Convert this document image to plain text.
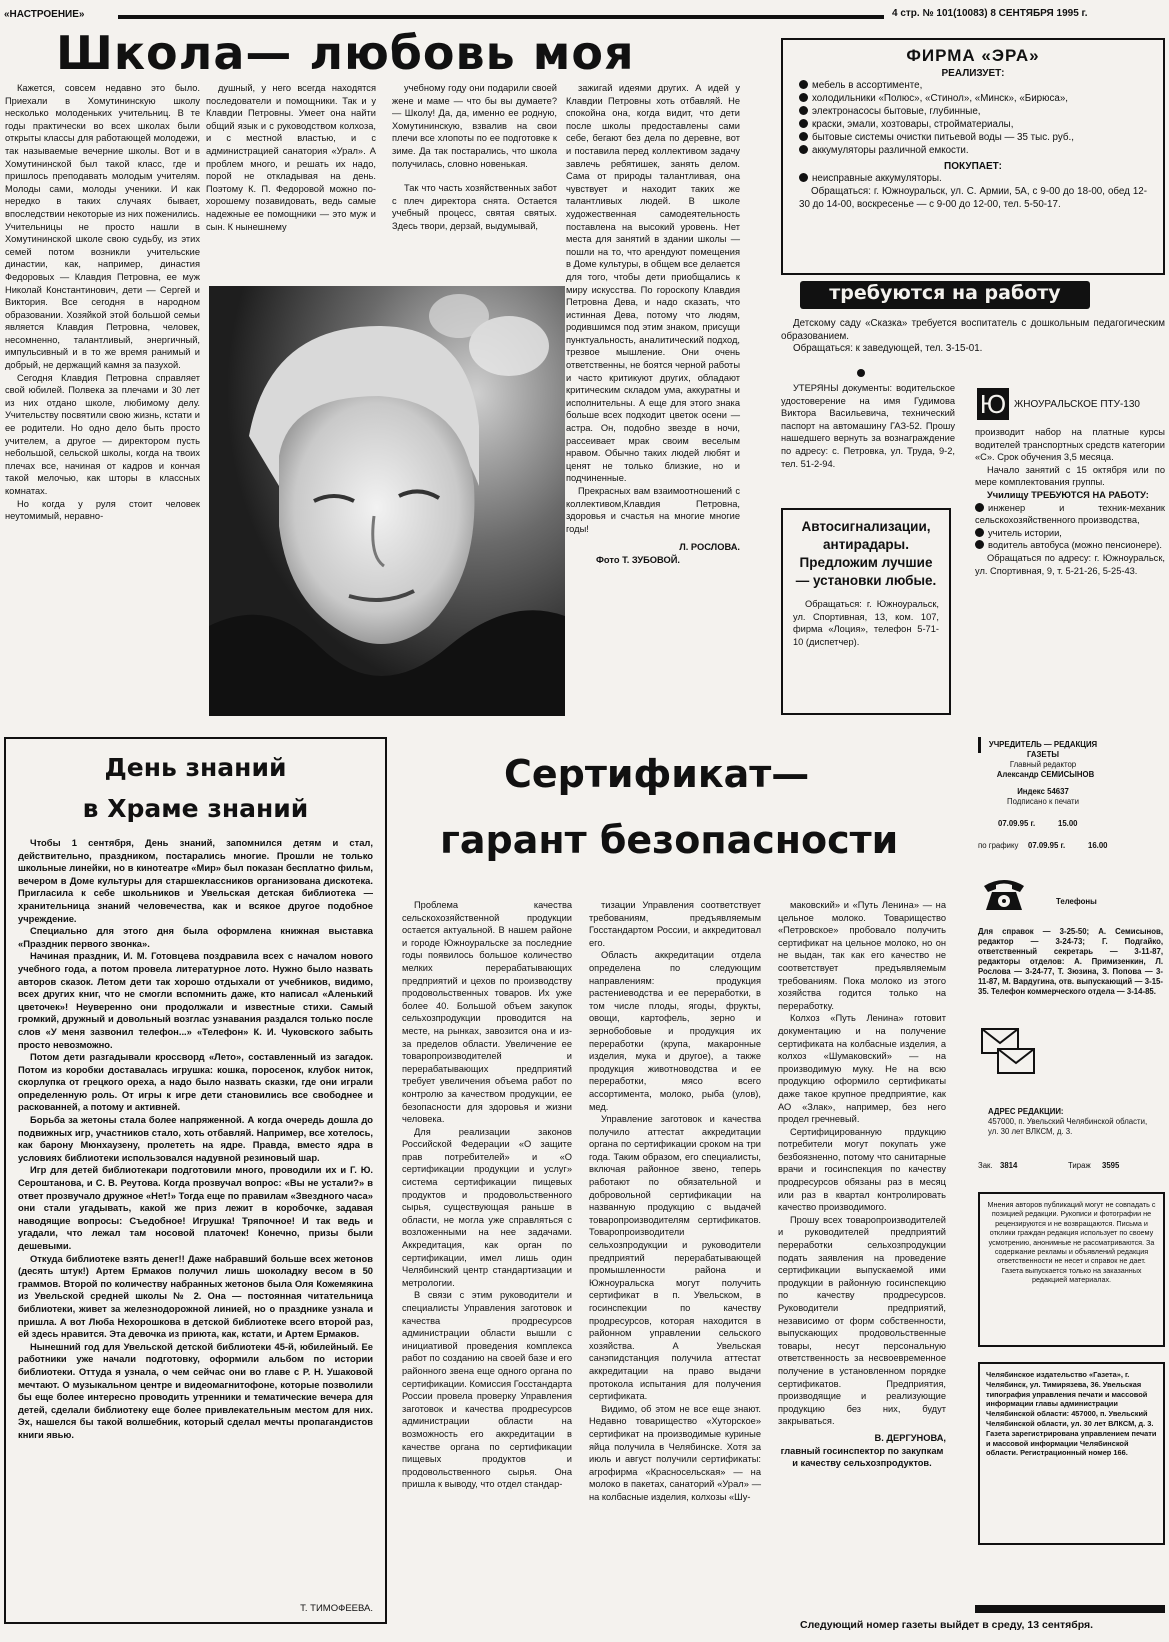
«НАСТРОЕНИЕ»	4 стр. № 101(10083) 8 СЕНТЯБРЯ 1995 г.
Школа— любовь моя

Кажется, совсем недавно это было. Приехали в Хомутининскую школу несколько молоденьких учительниц. В те годы практически во всех школах были открыты классы для работающей молодежи, так называемые вечерние школы. Вот и в Хомутининской был такой класс, где и пришлось преподавать молодым учителям. Молоды сами, молоды ученики. И как нередко в таких случаях бывает, впоследствии некоторые из них поженились. Учительницы не просто нашли в Хомутининской школе свою судьбу, из этих семей потом возникли учительские династии, как, например, династия Федоровых — Клавдия Петровна, ее муж Николай Константинович, дети — Сергей и Виктория. Все сегодня в народном образовании. Хозяйкой этой большой семьи является Клавдия Петровна, человек, несомненно, талантливый, энергичный, импульсивный и в то же время ранимый и добрый, не держащий камня за пазухой.

Сегодня Клавдия Петровна справляет свой юбилей. Полвека за плечами и 30 лет из них отдано школе, любимому делу. Учительству посвятили свою жизнь, кстати и ее родители. Но одно дело быть просто учителем, а другое — директором пусть небольшой, сельской школы, когда на твоих плечах все, начиная от кадров и кончая такой мелочью, как шторы в классных комнатах.

Но когда у руля стоит человек неутомимый, неравно-

душный, у него всегда находятся последователи и помощники. Так и у Клавдии Петровны. Умеет она найти общий язык и с руководством колхоза, и с местной властью, и с администрацией санатория «Урал». А проблем много, и решать их надо, порой не откладывая на день. Поэтому К. П. Федоровой можно по-хорошему позавидовать, ведь самые надежные ее помощники — это муж и сын. К нынешнему

учебному году они подарили своей жене и маме — что бы вы думаете? — Школу! Да, да, именно ее родную, Хомутининскую, взвалив на свои плечи все хлопоты по ее подготовке к зиме. Да так постарались, что школа получилась, словно новенькая.

Так что часть хозяйственных забот с плеч директора снята. Остается учебный процесс, святая святых. Здесь твори, дерзай, выдумывай,

зажигай идеями других. А идей у Клавдии Петровны хоть отбавляй. Не спокойна она, когда видит, что дети после школы предоставлены сами себе, бегают без дела по деревне, вот и поставила перед коллективом задачу завлечь ребятишек, занять делом. Сама от природы талантливая, она чувствует и находит таких же талантливых людей. В школе художественная самодеятельность поставлена на высокий уровень. Нет места для занятий в здании школы — пошли на то, что арендуют помещения в Доме культуры, в общем все делается для того, чтобы дети приобщались к миру искусства. По гороскопу Клавдия Петровна Дева, и надо сказать, что истинная Дева, потому что людям, родившимся под этим знаком, присущи пунктуальность, аналитический подход, трезвое мышление. Они очень ответственны, не боятся черной работы и часто критикуют других, обладают критическим складом ума, аккуратны и исполнительны. А еще для этого знака больше всех подходит цветок осени — астра. Он, подобно звезде в ночи, рассеивает мрак своим веселым нравом. Обычно таких людей любят и ценят не только близкие, но и подчиненные.

Прекрасных вам взаимоотношений с коллективом,Клавдия Петровна, здоровья и счастья на многие многие годы!

Л. РОСЛОВА.
Фото Т. ЗУБОВОЙ.
ФИРМА «ЭРА»
РЕАЛИЗУЕТ:
мебель в ассортименте,
холодильники «Полюс», «Стинол», «Минск», «Бирюса»,
электронасосы бытовые, глубинные,
краски, эмали, хозтовары, стройматериалы,
бытовые системы очистки питьевой воды — 35 тыс. руб.,
аккумуляторы различной емкости.
ПОКУПАЕТ:
неисправные аккумуляторы.

Обращаться: г. Южноуральск, ул. С. Армии, 5А, с 9-00 до 18-00, обед 12-30 до 14-00, воскресенье — с 9-00 до 12-00, тел. 5-50-17.

требуются на работу

Детскому саду «Сказка» требуется воспитатель с дошкольным педагогическим образованием.

Обращаться: к заведующей, тел. 3-15-01.

УТЕРЯНЫ документы: водительское удостоверение на имя Гудимова Виктора Васильевича, технический паспорт на автомашину ГАЗ-52. Прошу нашедшего вернуть за вознаграждение по адресу: с. Петровка, ул. Труда, 9-2, тел. 51-2-94.

Ю ЖНОУРАЛЬСКОЕ ПТУ-130

производит набор на платные курсы водителей транспортных средств категории «С». Срок обучения 3,5 месяца.

Начало занятий с 15 октября или по мере комплектования группы.

Училищу ТРЕБУЮТСЯ НА РАБОТУ:

инженер и техник-механик сельскохозяйственного производства,
учитель истории,
водитель автобуса (можно пенсионере).

Обращаться по адресу: г. Южноуральск, ул. Спортивная, 9, т. 5-21-26, 5-25-43.

Автосигнализации, антирадары. Предложим лучшие — установки любые.

Обращаться: г. Южноуральск, ул. Спортивная, 13, ком. 107, фирма «Лоция», телефон 5-71-10 (диспетчер).

День знаний
в Храме знаний

Чтобы 1 сентября, День знаний, запомнился детям и стал, действительно, праздником, постарались многие. Прошли не только школьные линейки, но в кинотеатре «Мир» был показан бесплатно фильм, вечером в Доме культуры для старшеклассников организована дискотека. Пригласила к себе школьников и Увельская детская библиотека — хранительница знаний человечества, как и всякое другое подобное учреждение.

Специально для этого дня была оформлена книжная выставка «Праздник первого звонка».

Начиная праздник, И. М. Готовцева поздравила всех с началом нового учебного года, а потом провела литературное лото. Нужно было назвать авторов сказок. Летом дети так хорошо отдыхали от учебников, видимо, всех других книг, что не смогли вспомнить даже, кто написал «Аленький цветочек»! Неуверенно они продолжали и известные стихи. Самый громкий, дружный и довольный возглас узнавания раздался только после слов «У меня зазвонил телефон...» «Телефон» К. И. Чуковского забыть просто невозможно.

Потом дети разгадывали кроссворд «Лето», составленный из загадок. Потом из коробки доставалась игрушка: кошка, поросенок, клубок ниток, скорлупка от грецкого ореха, а надо было назвать сказки, где они играли определенную роль. От игры к игре дети становились все свободнее и раскованней, а потому и активней.

Борьба за жетоны стала более напряженной. А когда очередь дошла до подвижных игр, участников стало, хоть отбавляй. Например, все хотелось, как барону Мюнхаузену, пролететь на ядре. Правда, вместо ядра в условиях библиотеки использовался надувной резиновый шар.

Игр для детей библиотекари подготовили много, проводили их и Г. Ю. Сероштанова, и С. В. Реутова. Когда прозвучал вопрос: «Вы не устали?» в ответ прозвучало дружное «Нет!» Тогда еще по правилам «Звездного часа» они стали угадывать, какой же приз лежит в коробочке, задавая наводящие вопросы: Съедобное! Игрушка! Тряпочное! И так ведь и угадали, что лежал там носовой платочек! Конечно, призы были дешевыми.

Откуда библиотеке взять денег!! Даже набравший больше всех жетонов (десять штук!) Артем Ермаков получил лишь шоколадку весом в 50 граммов. Второй по количеству набранных жетонов была Оля Кожемякина из Увельской средней школы № 2. Она — постоянная читательница библиотеки, живет за железнодорожной линией, но о празднике узнала и пришла. А вот Люба Нехорошкова в детской библиотеке всего второй раз, ей здесь нравится. Эта девочка из приюта, как, кстати, и Артем Ермаков.

Нынешний год для Увельской детской библиотеки 45-й, юбилейный. Ее работники уже начали подготовку, оформили альбом по истории библиотеки. Оттуда я узнала, о чем сейчас они во главе с Р. Н. Ушаковой мечтают. О музыкальном центре и видеомагнитофоне, которые позволили бы еще более интересно проводить утренники и тематические вечера для детей, сделали библиотеку еще более привлекательным местом для них. Эх, нашелся бы такой волшебник, который сделал мечты пропагандистов книги явью.

Т. ТИМОФЕЕВА.
Сертификат—
гарант безопасности

Проблема качества сельскохозяйственной продукции остается актуальной. В нашем районе и городе Южноуральске за последние годы появилось большое количество мелких перерабатывающих предприятий и цехов по производству продовольственных товаров. Их уже более 40. Большой объем закупок сельхозпродукции проводится на месте, на рынках, завозится она и из-за пределов области. Увеличение ее товаропроизводителей и перерабатывающих предприятий требует увеличения объема работ по контролю за качеством продукции, ее безопасности для здоровья и жизни человека.

Для реализации законов Российской Федерации «О защите прав потребителей» и «О сертификации продукции и услуг» система сертификации пищевых продуктов и продовольственного сырья, существующая раньше в области, не могла уже справляться с возложенными на нее задачами. Аккредитация, как орган по сертификации, имел лишь один Челябинский центр стандартизации и метрологии.

В связи с этим руководители и специалисты Управления заготовок и качества продресурсов администрации области вышли с инициативой проведения комплекса работ по созданию на своей базе и его районного звена еще одного органа по сертификации. Комиссия Госстандарта России провела проверку Управления заготовок и качества продресурсов администрации области на возможность его аккредитации в качестве органа по сертификации пищевых продуктов и продовольственного сырья. Она пришла к выводу, что отдел стандар-

тизации Управления соответствует требованиям, предъявляемым Госстандартом России, и аккредитовал его.

Область аккредитации отдела определена по следующим направлениям: продукция растениеводства и ее переработки, в том числе плоды, ягоды, фрукты, овощи, картофель, зерно и зернобобовые и продукция их переработки (крупа, макаронные изделия, мука и другое), а также продукция животноводства и ее переработки, мясо всего ассортимента, молоко, рыба (улов), мед.

Управление заготовок и качества получило аттестат аккредитации органа по сертификации сроком на три года. Таким образом, его специалисты, включая районное звено, теперь работают по обязательной и добровольной сертификации на названную продукцию с выдачей товаропроизводителям сертификатов. Товаропроизводители сельхозпродукции и руководители предприятий перерабатывающей промышленности района и Южноуральска могут получить сертификат в п. Увельском, в госинспекции по качеству продресурсов, которая находится в районном управлении сельского хозяйства. А Увельская санэпидстанция получила аттестат аккредитации на право выдачи протокола испытания для получения сертификата.

Видимо, об этом не все еще знают. Недавно товарищество «Хуторское» сертификат на производимые куриные яйца получила в Челябинске. Хотя за июль и август получили сертификаты: агрофирма «Красносельская» — на молоко в пакетах, санаторий «Урал» — на колбасные изделия, колхозы «Шу-

маковский» и «Путь Ленина» — на цельное молоко. Товарищество «Петровское» пробовало получить сертификат на цельное молоко, но он не выдан, так как его качество не соответствует предъявляемым требованиям. Пока молоко из этого хозяйства годится только на переработку.

Колхоз «Путь Ленина» готовит документацию и на получение сертификата на колбасные изделия, а колхоз «Шумаковский» — на производимую муку. Не на всю продукцию оформило сертификаты даже такое крупное предприятие, как АО «Злак», например, без него продел гречневый.

Сертифицированную прдукцию потребители могут покупать уже безбоязненно, потому что санитарные врачи и госинспекция по качеству продресурсов обязаны раз в месяц или раз в квартал контролировать качество производимого.

Прошу всех товаропроизводителей и руководителей предприятий переработки сельхозпродукции подать заявления на проведение сертификации выпускаемой ими продукции в районную госинспекцию по качеству продресурсов. Руководители предприятий, независимо от форм собственности, выпускающих продовольственные товары, несут персональную ответственность за несвоевременное получение в установленном порядке сертификатов. Предприятия, производящие и реализующие продукцию без них, будут закрываться.

В. ДЕРГУНОВА,
главный госинспектор по закупкам и качеству сельхозпродуктов.
УЧРЕДИТЕЛЬ — РЕДАКЦИЯ ГАЗЕТЫ
Главный редактор
Александр СЕМИСЫНОВ
Индекс 54637
Подписано к печати
07.09.95 г.	15.00
по графику 07.09.95 г.	16.00
Телефоны
Для справок — 3-25-50; А. Семисынов, редактор — 3-24-73; Г. Подгайко, ответственный секретарь — 3-11-87, редакторы отделов: А. Примизенкин, Л. Рослова — 3-24-77, Т. Зюзина, З. Попова — 3-11-87, М. Вардугина, отв. выпускающий — 3-15-35. Телефон коммерческого отдела — 3-14-85.
АДРЕС РЕДАКЦИИ:
457000, п. Увельский Челябинской области, ул. 30 лет ВЛКСМ, д. 3.
Зак. 3814	Тираж 3595
Мнения авторов публикаций могут не совпадать с позицией редакции. Рукописи и фотографии не рецензируются и не возвращаются. Письма и отклики граждан редакция использует по своему усмотрению, анонимные не рассматриваются. За содержание рекламы и объявлений редакция ответственности не несет и справок не дает. Газета выпускается только на заказанных редакцией материалах.
Челябинское издательство «Газета», г. Челябинск, ул. Тимирязева, 36. Увельская типография управления печати и массовой информации главы администрации Челябинской области: 457000, п. Увельский Челябинской области, ул. 30 лет ВЛКСМ, д. 3. Газета зарегистрирована управлением печати и массовой информации Челябинской области. Регистрационный номер 166.
Следующий номер газеты выйдет в среду, 13 сентября.
